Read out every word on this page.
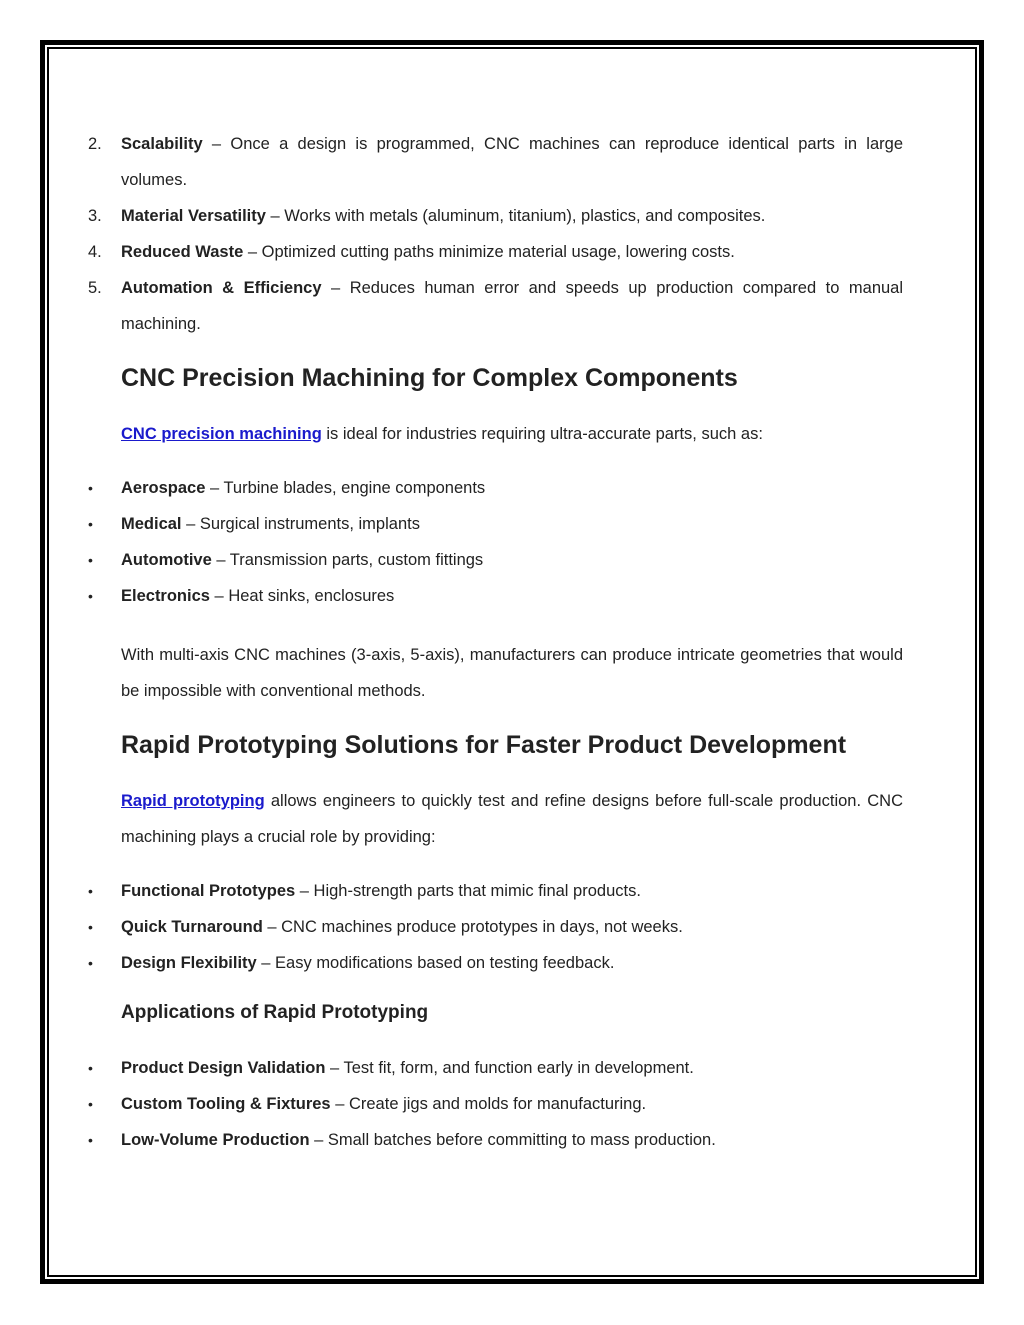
2. Scalability – Once a design is programmed, CNC machines can reproduce identical parts in large volumes.
3. Material Versatility – Works with metals (aluminum, titanium), plastics, and composites.
4. Reduced Waste – Optimized cutting paths minimize material usage, lowering costs.
5. Automation & Efficiency – Reduces human error and speeds up production compared to manual machining.
CNC Precision Machining for Complex Components
CNC precision machining is ideal for industries requiring ultra-accurate parts, such as:
• Aerospace – Turbine blades, engine components
• Medical – Surgical instruments, implants
• Automotive – Transmission parts, custom fittings
• Electronics – Heat sinks, enclosures
With multi-axis CNC machines (3-axis, 5-axis), manufacturers can produce intricate geometries that would be impossible with conventional methods.
Rapid Prototyping Solutions for Faster Product Development
Rapid prototyping allows engineers to quickly test and refine designs before full-scale production. CNC machining plays a crucial role by providing:
• Functional Prototypes – High-strength parts that mimic final products.
• Quick Turnaround – CNC machines produce prototypes in days, not weeks.
• Design Flexibility – Easy modifications based on testing feedback.
Applications of Rapid Prototyping
• Product Design Validation – Test fit, form, and function early in development.
• Custom Tooling & Fixtures – Create jigs and molds for manufacturing.
• Low-Volume Production – Small batches before committing to mass production.
